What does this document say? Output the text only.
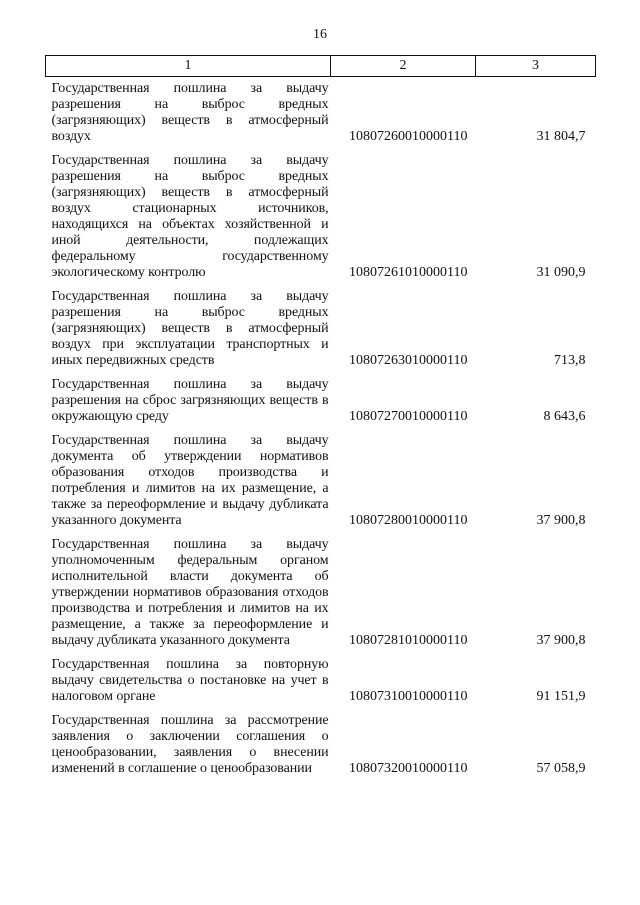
16
1	2	3
Государственная пошлина за выдачу разрешения на выброс вредных (загрязняющих) веществ в атмосферный воздух	10807260010000110	31 804,7
Государственная пошлина за выдачу разрешения на выброс вредных (загрязняющих) веществ в атмосферный воздух стационарных источников, находящихся на объектах хозяйственной и иной деятельности, подлежащих федеральному государственному экологическому контролю	10807261010000110	31 090,9
Государственная пошлина за выдачу разрешения на выброс вредных (загрязняющих) веществ в атмосферный воздух при эксплуатации транспортных и иных передвижных средств	10807263010000110	713,8
Государственная пошлина за выдачу разрешения на сброс загрязняющих веществ в окружающую среду	10807270010000110	8 643,6
Государственная пошлина за выдачу документа об утверждении нормативов образования отходов производства и потребления и лимитов на их размещение, а также за переоформление и выдачу дубликата указанного документа	10807280010000110	37 900,8
Государственная пошлина за выдачу уполномоченным федеральным органом исполнительной власти документа об утверждении нормативов образования отходов производства и потребления и лимитов на их размещение, а также за переоформление и выдачу дубликата указанного документа	10807281010000110	37 900,8
Государственная пошлина за повторную выдачу свидетельства о постановке на учет в налоговом органе	10807310010000110	91 151,9
Государственная пошлина за рассмотрение заявления о заключении соглашения о ценообразовании, заявления о внесении изменений в соглашение о ценообразовании	10807320010000110	57 058,9
